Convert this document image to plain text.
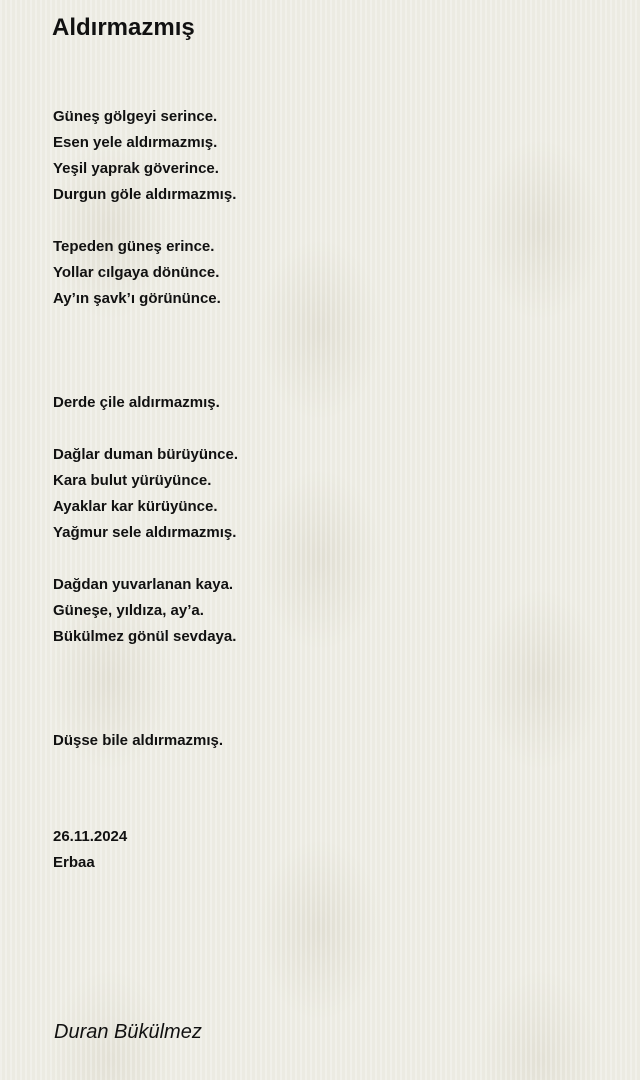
Aldırmazmış
Güneş gölgeyi serince.
Esen yele aldırmazmış.
Yeşil yaprak göverince.
Durgun göle aldırmazmış.
Tepeden güneş erince.
Yollar cılgaya dönünce.
Ay’ın şavk’ı görününce.
Derde çile aldırmazmış.
Dağlar duman bürüyünce.
Kara bulut yürüyünce.
Ayaklar kar kürüyünce.
Yağmur sele aldırmazmış.
Dağdan yuvarlanan kaya.
Güneşe, yıldıza, ay’a.
Bükülmez gönül sevdaya.
Düşse bile aldırmazmış.
26.11.2024
Erbaa
Duran Bükülmez
